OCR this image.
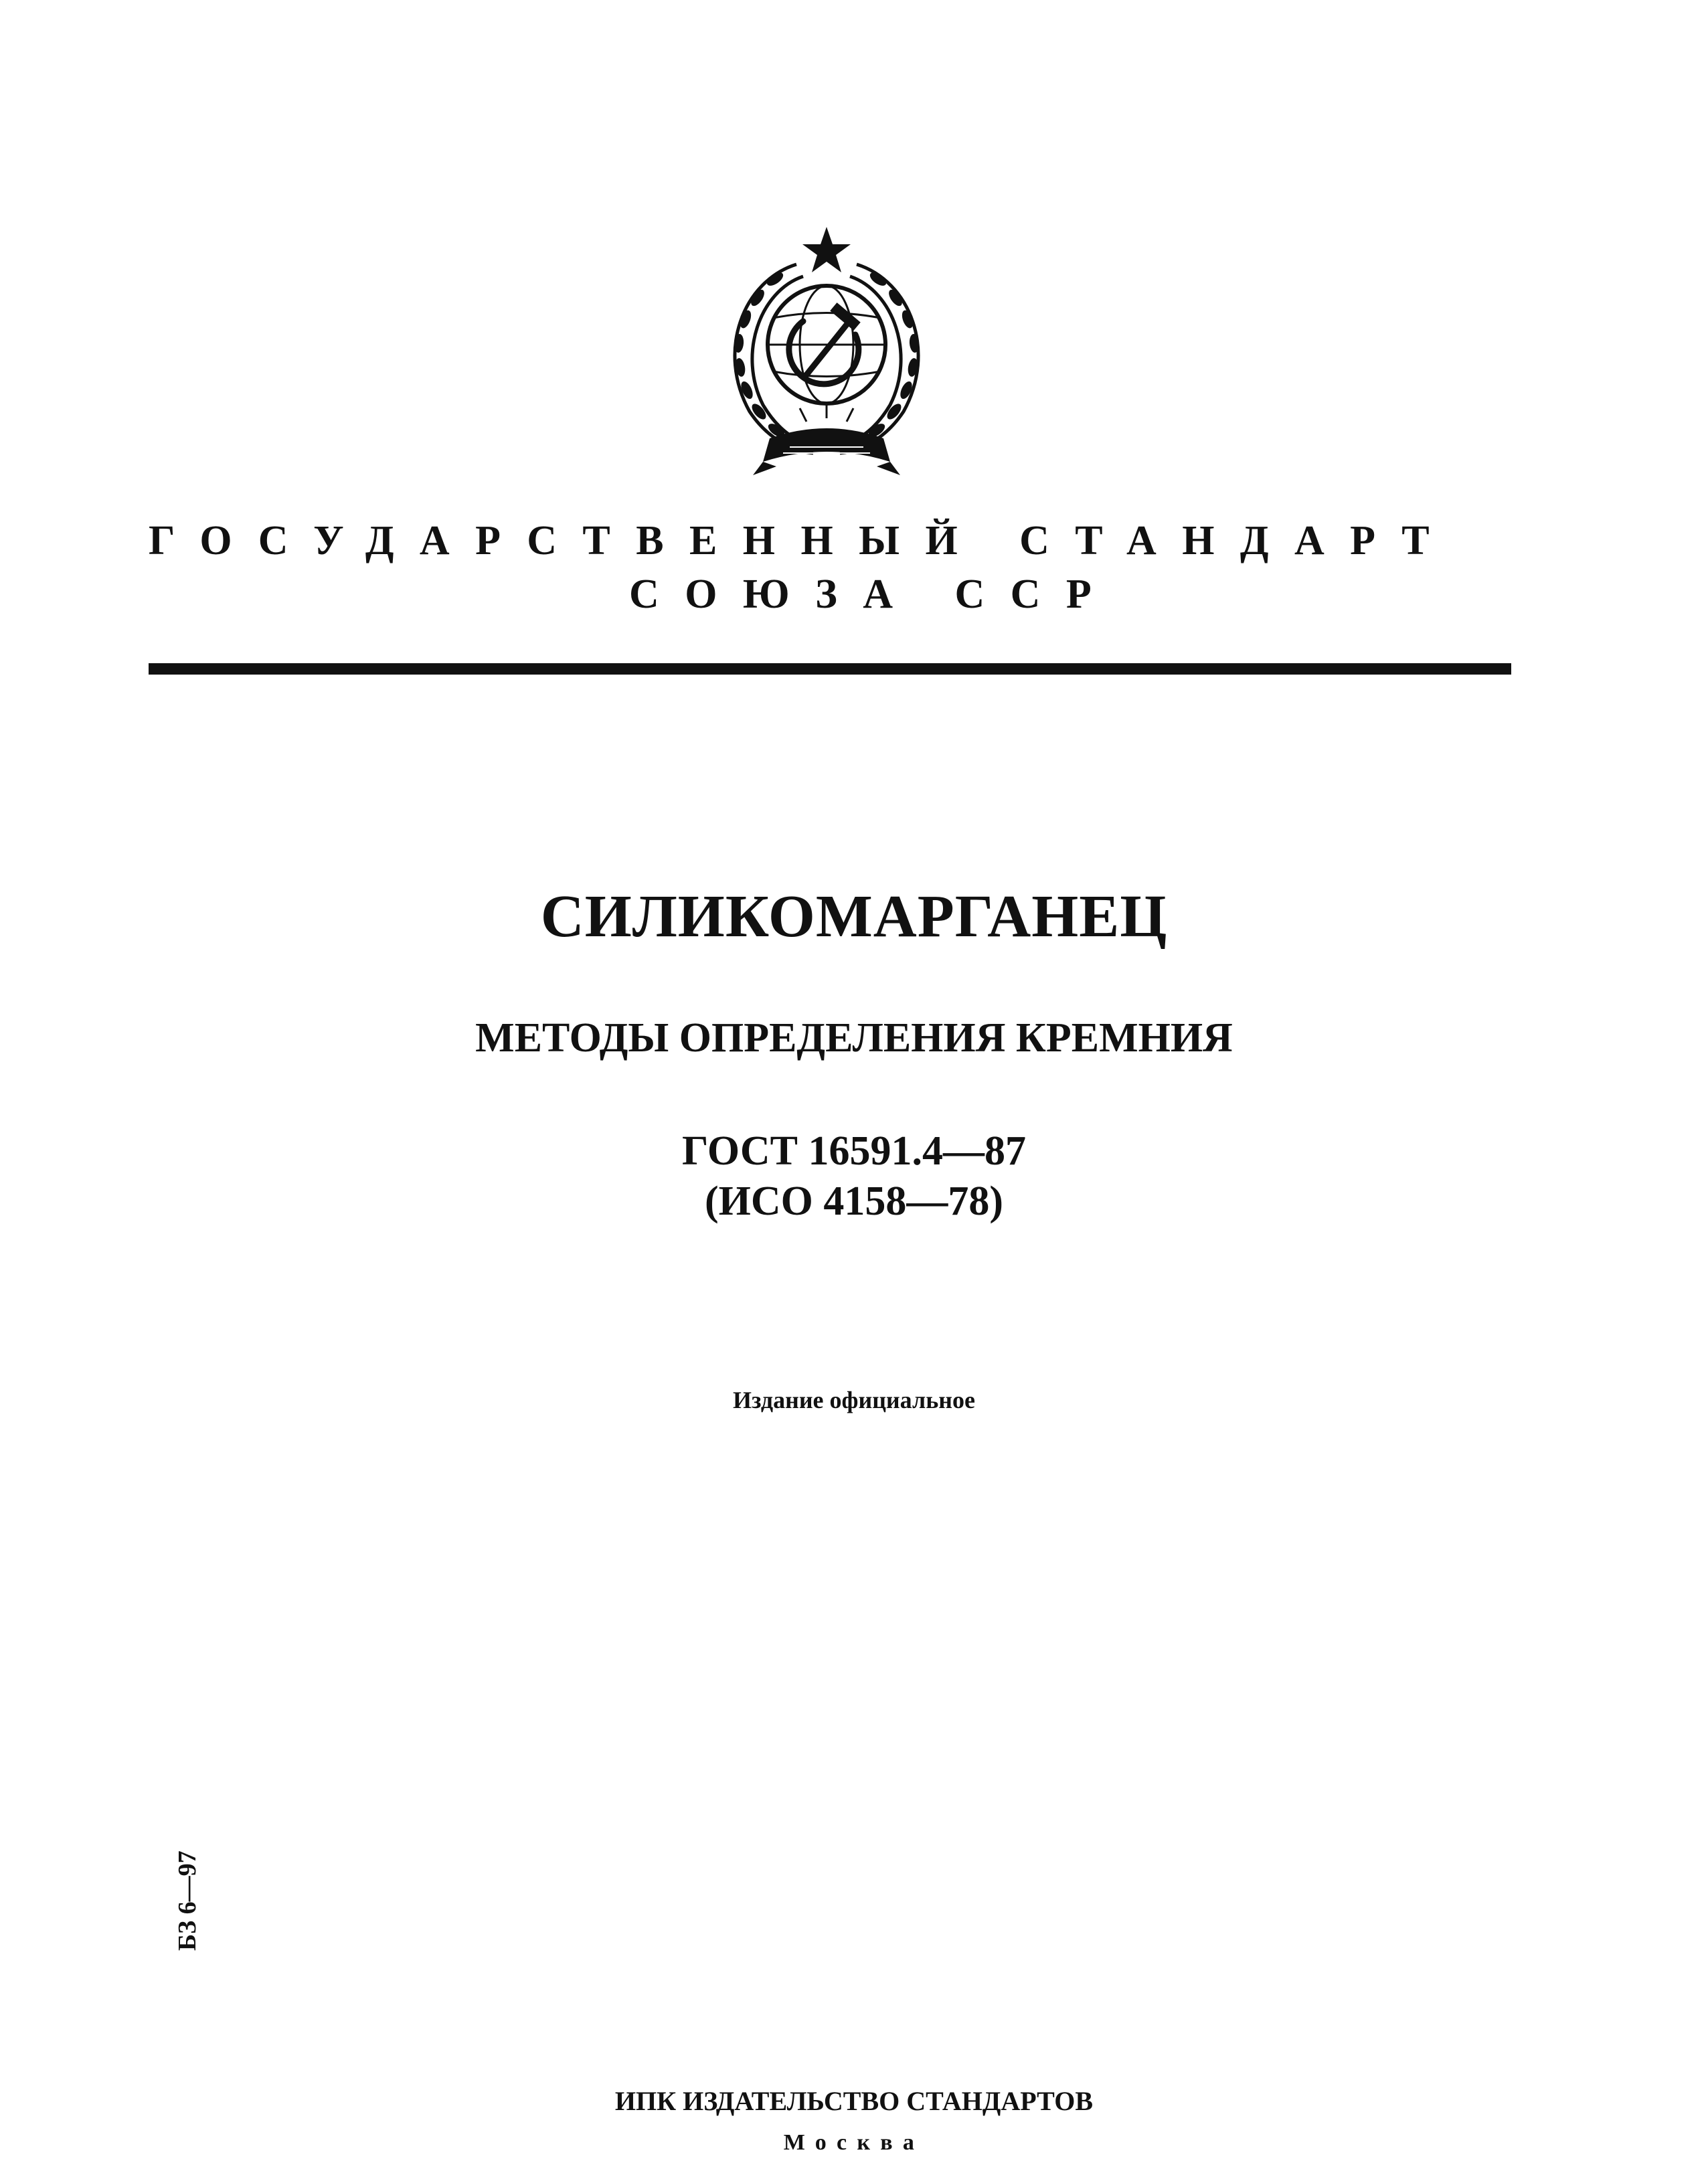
ГОСУДАРСТВЕННЫЙ СТАНДАРТ
СОЮЗА ССР
СИЛИКОМАРГАНЕЦ
МЕТОДЫ ОПРЕДЕЛЕНИЯ КРЕМНИЯ
ГОСТ 16591.4—87
(ИСО 4158—78)
Издание официальное
БЗ 6—97
ИПК ИЗДАТЕЛЬСТВО СТАНДАРТОВ
Москва
